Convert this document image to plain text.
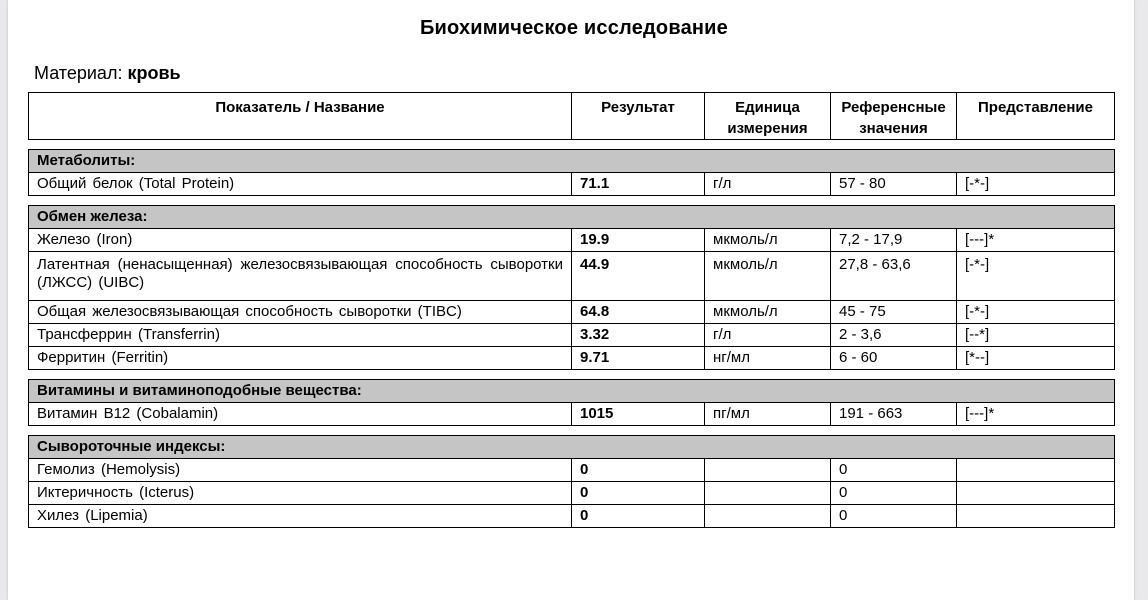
Биохимическое исследование
Материал: кровь
Показатель / Название	Результат	Единица измерения	Референсные значения	Представление

Метаболиты:				
Общий белок (Total Protein)	71.1	г/л	57 - 80	[-*-]

Обмен железа:				
Железо (Iron)	19.9	мкмоль/л	7,2 - 17,9	[---]*
Латентная (ненасыщенная) железосвязывающая способность сыворотки (ЛЖСС) (UIBC)	44.9	мкмоль/л	27,8 - 63,6	[-*-]
Общая железосвязывающая способность сыворотки (TIBC)	64.8	мкмоль/л	45 - 75	[-*-]
Трансферрин (Transferrin)	3.32	г/л	2 - 3,6	[--*]
Ферритин (Ferritin)	9.71	нг/мл	6 - 60	[*--]

Витамины и витаминоподобные вещества:				
Витамин B12 (Cobalamin)	1015	пг/мл	191 - 663	[---]*

Сывороточные индексы:				
Гемолиз (Hemolysis)	0		0	
Иктеричность (Icterus)	0		0	
Хилез (Lipemia)	0		0	
